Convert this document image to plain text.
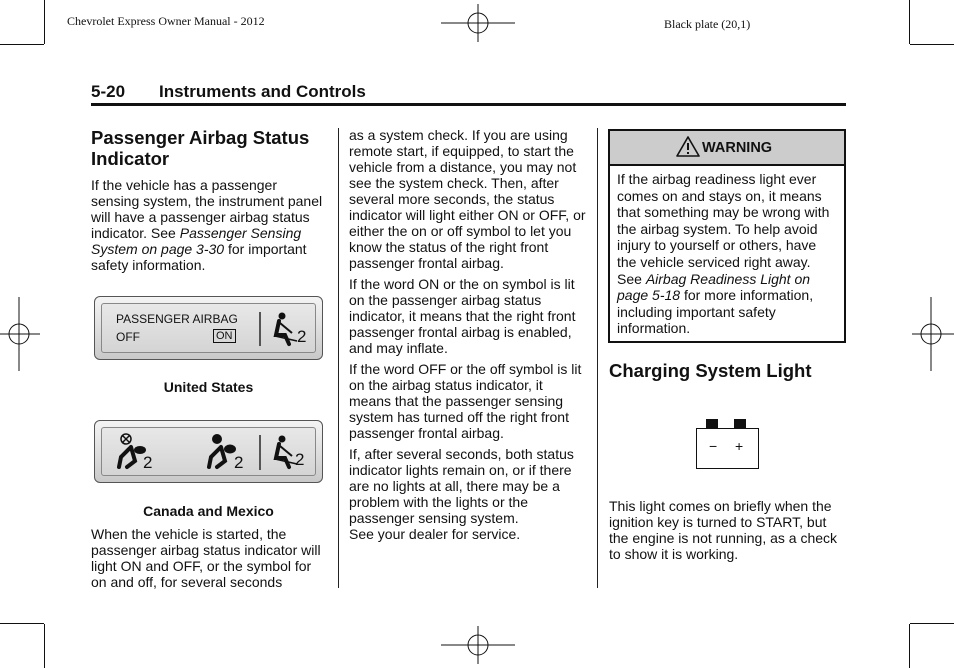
Chevrolet Express Owner Manual - 2012	Black plate (20,1)
5-20 Instruments and Controls
Passenger Airbag Status Indicator

If the vehicle has a passenger sensing system, the instrument panel will have a passenger airbag status indicator. See Passenger Sensing System on page 3-30 for important safety information.

PASSENGER AIRBAG
OFF	ON	2
United States
2	2	2
Canada and Mexico

When the vehicle is started, the passenger airbag status indicator will light ON and OFF, or the symbol for on and off, for several seconds

as a system check. If you are using remote start, if equipped, to start the vehicle from a distance, you may not see the system check. Then, after several more seconds, the status indicator will light either ON or OFF, or either the on or off symbol to let you know the status of the right front passenger frontal airbag.

If the word ON or the on symbol is lit on the passenger airbag status indicator, it means that the right front passenger frontal airbag is enabled, and may inflate.

If the word OFF or the off symbol is lit on the airbag status indicator, it means that the passenger sensing system has turned off the right front passenger frontal airbag.

If, after several seconds, both status indicator lights remain on, or if there are no lights at all, there may be a problem with the lights or the passenger sensing system.

See your dealer for service.

WARNING

If the airbag readiness light ever comes on and stays on, it means that something may be wrong with the airbag system. To help avoid injury to yourself or others, have the vehicle serviced right away. See Airbag Readiness Light on page 5-18 for more information, including important safety information.

Charging System Light
− +

This light comes on briefly when the ignition key is turned to START, but the engine is not running, as a check to show it is working.
